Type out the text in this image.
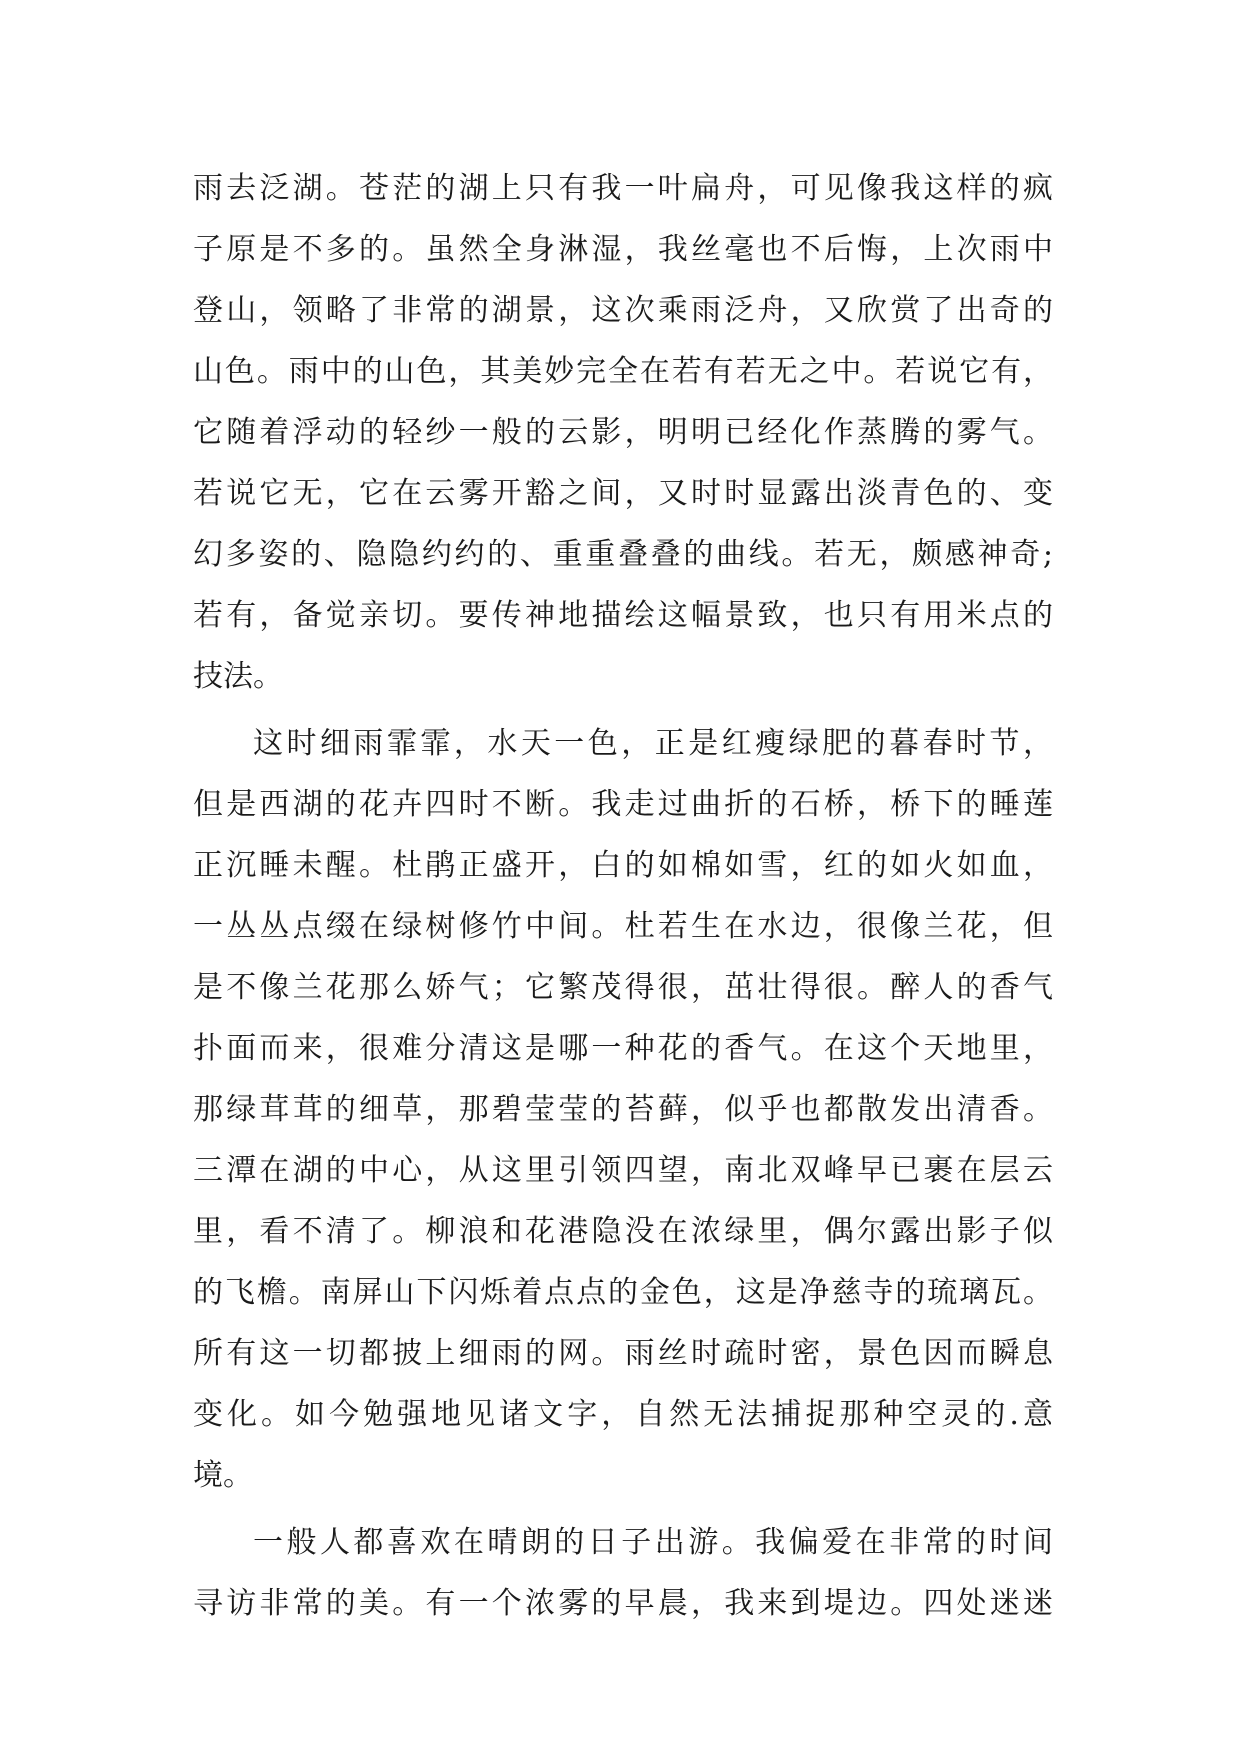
雨去泛湖。苍茫的湖上只有我一叶扁舟，可见像我这样的疯
子原是不多的。虽然全身淋湿，我丝毫也不后悔，上次雨中
登山，领略了非常的湖景，这次乘雨泛舟，又欣赏了出奇的
山色。雨中的山色，其美妙完全在若有若无之中。若说它有，
它随着浮动的轻纱一般的云影，明明已经化作蒸腾的雾气。
若说它无，它在云雾开豁之间，又时时显露出淡青色的、变
幻多姿的、隐隐约约的、重重叠叠的曲线。若无，颇感神奇;
若有，备觉亲切。要传神地描绘这幅景致，也只有用米点的
技法。
这时细雨霏霏，水天一色，正是红瘦绿肥的暮春时节，
但是西湖的花卉四时不断。我走过曲折的石桥，桥下的睡莲
正沉睡未醒。杜鹃正盛开，白的如棉如雪，红的如火如血，
一丛丛点缀在绿树修竹中间。杜若生在水边，很像兰花，但
是不像兰花那么娇气；它繁茂得很，茁壮得很。醉人的香气
扑面而来，很难分清这是哪一种花的香气。在这个天地里，
那绿茸茸的细草，那碧莹莹的苔藓，似乎也都散发出清香。
三潭在湖的中心，从这里引领四望，南北双峰早已裹在层云
里，看不清了。柳浪和花港隐没在浓绿里，偶尔露出影子似
的飞檐。南屏山下闪烁着点点的金色，这是净慈寺的琉璃瓦。
所有这一切都披上细雨的网。雨丝时疏时密，景色因而瞬息
变化。如今勉强地见诸文字，自然无法捕捉那种空灵的.意
境。
一般人都喜欢在晴朗的日子出游。我偏爱在非常的时间
寻访非常的美。有一个浓雾的早晨，我来到堤边。四处迷迷
